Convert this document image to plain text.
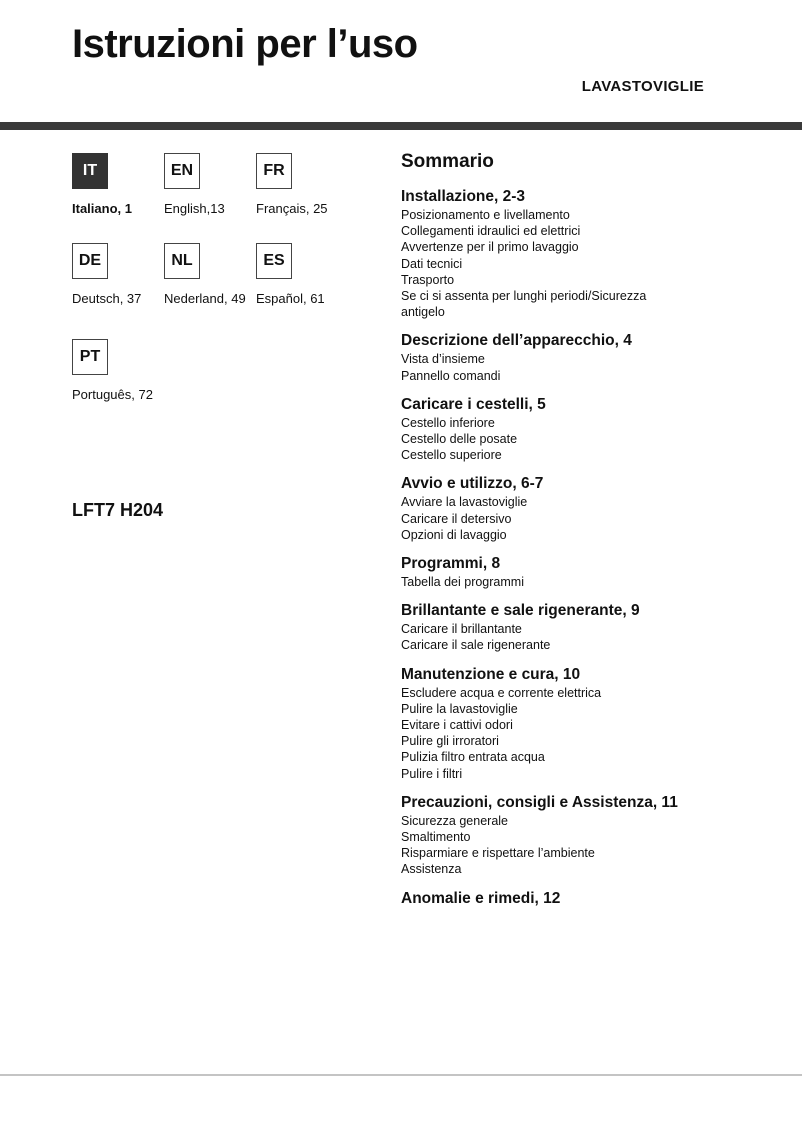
Istruzioni per l’uso
LAVASTOVIGLIE
IT
Italiano, 1
EN
English,13
FR
Français, 25
DE
Deutsch, 37
NL
Nederland, 49
ES
Español, 61
PT
Português, 72
LFT7 H204
Sommario
Installazione, 2-3
Posizionamento e livellamento
Collegamenti idraulici ed elettrici
Avvertenze per il primo lavaggio
Dati tecnici
Trasporto
Se ci si assenta per lunghi periodi/Sicurezza
antigelo
Descrizione dell’apparecchio, 4
Vista d’insieme
Pannello comandi
Caricare i cestelli, 5
Cestello inferiore
Cestello delle posate
Cestello superiore
Avvio e utilizzo, 6-7
Avviare la lavastoviglie
Caricare il detersivo
Opzioni di lavaggio
Programmi, 8
Tabella dei programmi
Brillantante e sale rigenerante, 9
Caricare il brillantante
Caricare il sale rigenerante
Manutenzione e cura, 10
Escludere acqua e corrente elettrica
Pulire la lavastoviglie
Evitare i cattivi odori
Pulire gli irroratori
Pulizia filtro entrata acqua
Pulire i filtri
Precauzioni, consigli e Assistenza, 11
Sicurezza generale
Smaltimento
Risparmiare e rispettare l’ambiente
Assistenza
Anomalie e rimedi, 12
